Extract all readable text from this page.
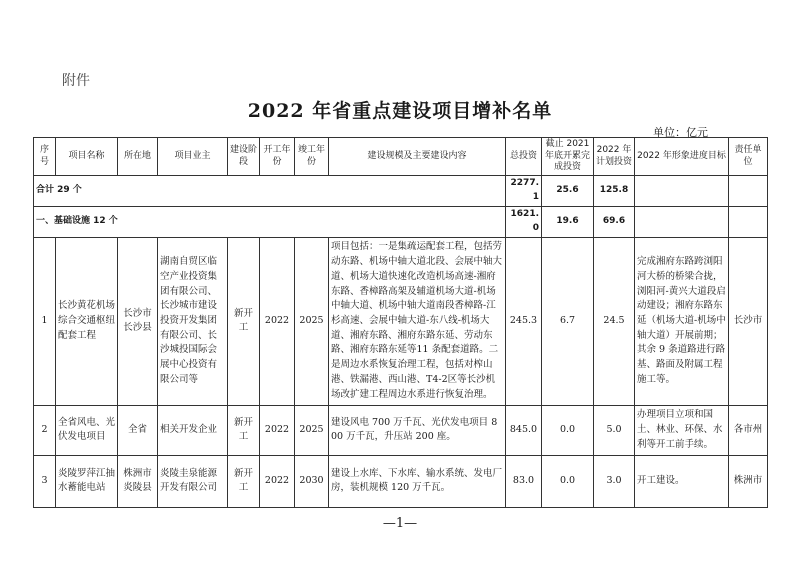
附件
2022 年省重点建设项目增补名单
单位：亿元
序号	项目名称	所在地	项目业主	建设阶段	开工年份	竣工年份	建设规模及主要建设内容	总投资	截止 2021 年底开累完成投资	2022 年计划投资	2022 年形象进度目标	责任单位
合计 29 个								2277.1	25.6	125.8		
一、基础设施 12 个								1621.0	19.6	69.6		
1	长沙黄花机场综合交通枢纽配套工程	长沙市长沙县	湖南自贸区临空产业投资集团有限公司、长沙城市建设投资开发集团有限公司、长沙城投国际会展中心投资有限公司等	新开工	2022	2025	项目包括：一是集疏运配套工程，包括劳动东路、机场中轴大道北段、会展中轴大道、机场大道快速化改造机场高速-湘府东路、香樟路高架及辅道机场大道-机场中轴大道、机场中轴大道南段香樟路-江杉高速、会展中轴大道-东八线-机场大道、湘府东路、湘府东路东延、劳动东路、湘府东路东延等11 条配套道路。二是周边水系恢复治理工程，包括对榨山港、铁漏港、西山港、T4-2区等长沙机场改扩建工程周边水系进行恢复治理。	245.3	6.7	24.5	完成湘府东路跨浏阳河大桥的桥梁合拢，浏阳河-黄兴大道段启动建设；湘府东路东延（机场大道-机场中轴大道）开展前期；其余 9 条道路进行路基、路面及附属工程施工等。	长沙市
2	全省风电、光伏发电项目	全省	相关开发企业	新开工	2022	2025	建设风电 700 万千瓦、光伏发电项目 800 万千瓦，升压站 200 座。	845.0	0.0	5.0	办理项目立项和国土、林业、环保、水利等开工前手续。	各市州
3	炎陵罗萍江抽水蓄能电站	株洲市炎陵县	炎陵圭泉能源开发有限公司	新开工	2022	2030	建设上水库、下水库、输水系统、发电厂房，装机规模 120 万千瓦。	83.0	0.0	3.0	开工建设。	株洲市
—1—
